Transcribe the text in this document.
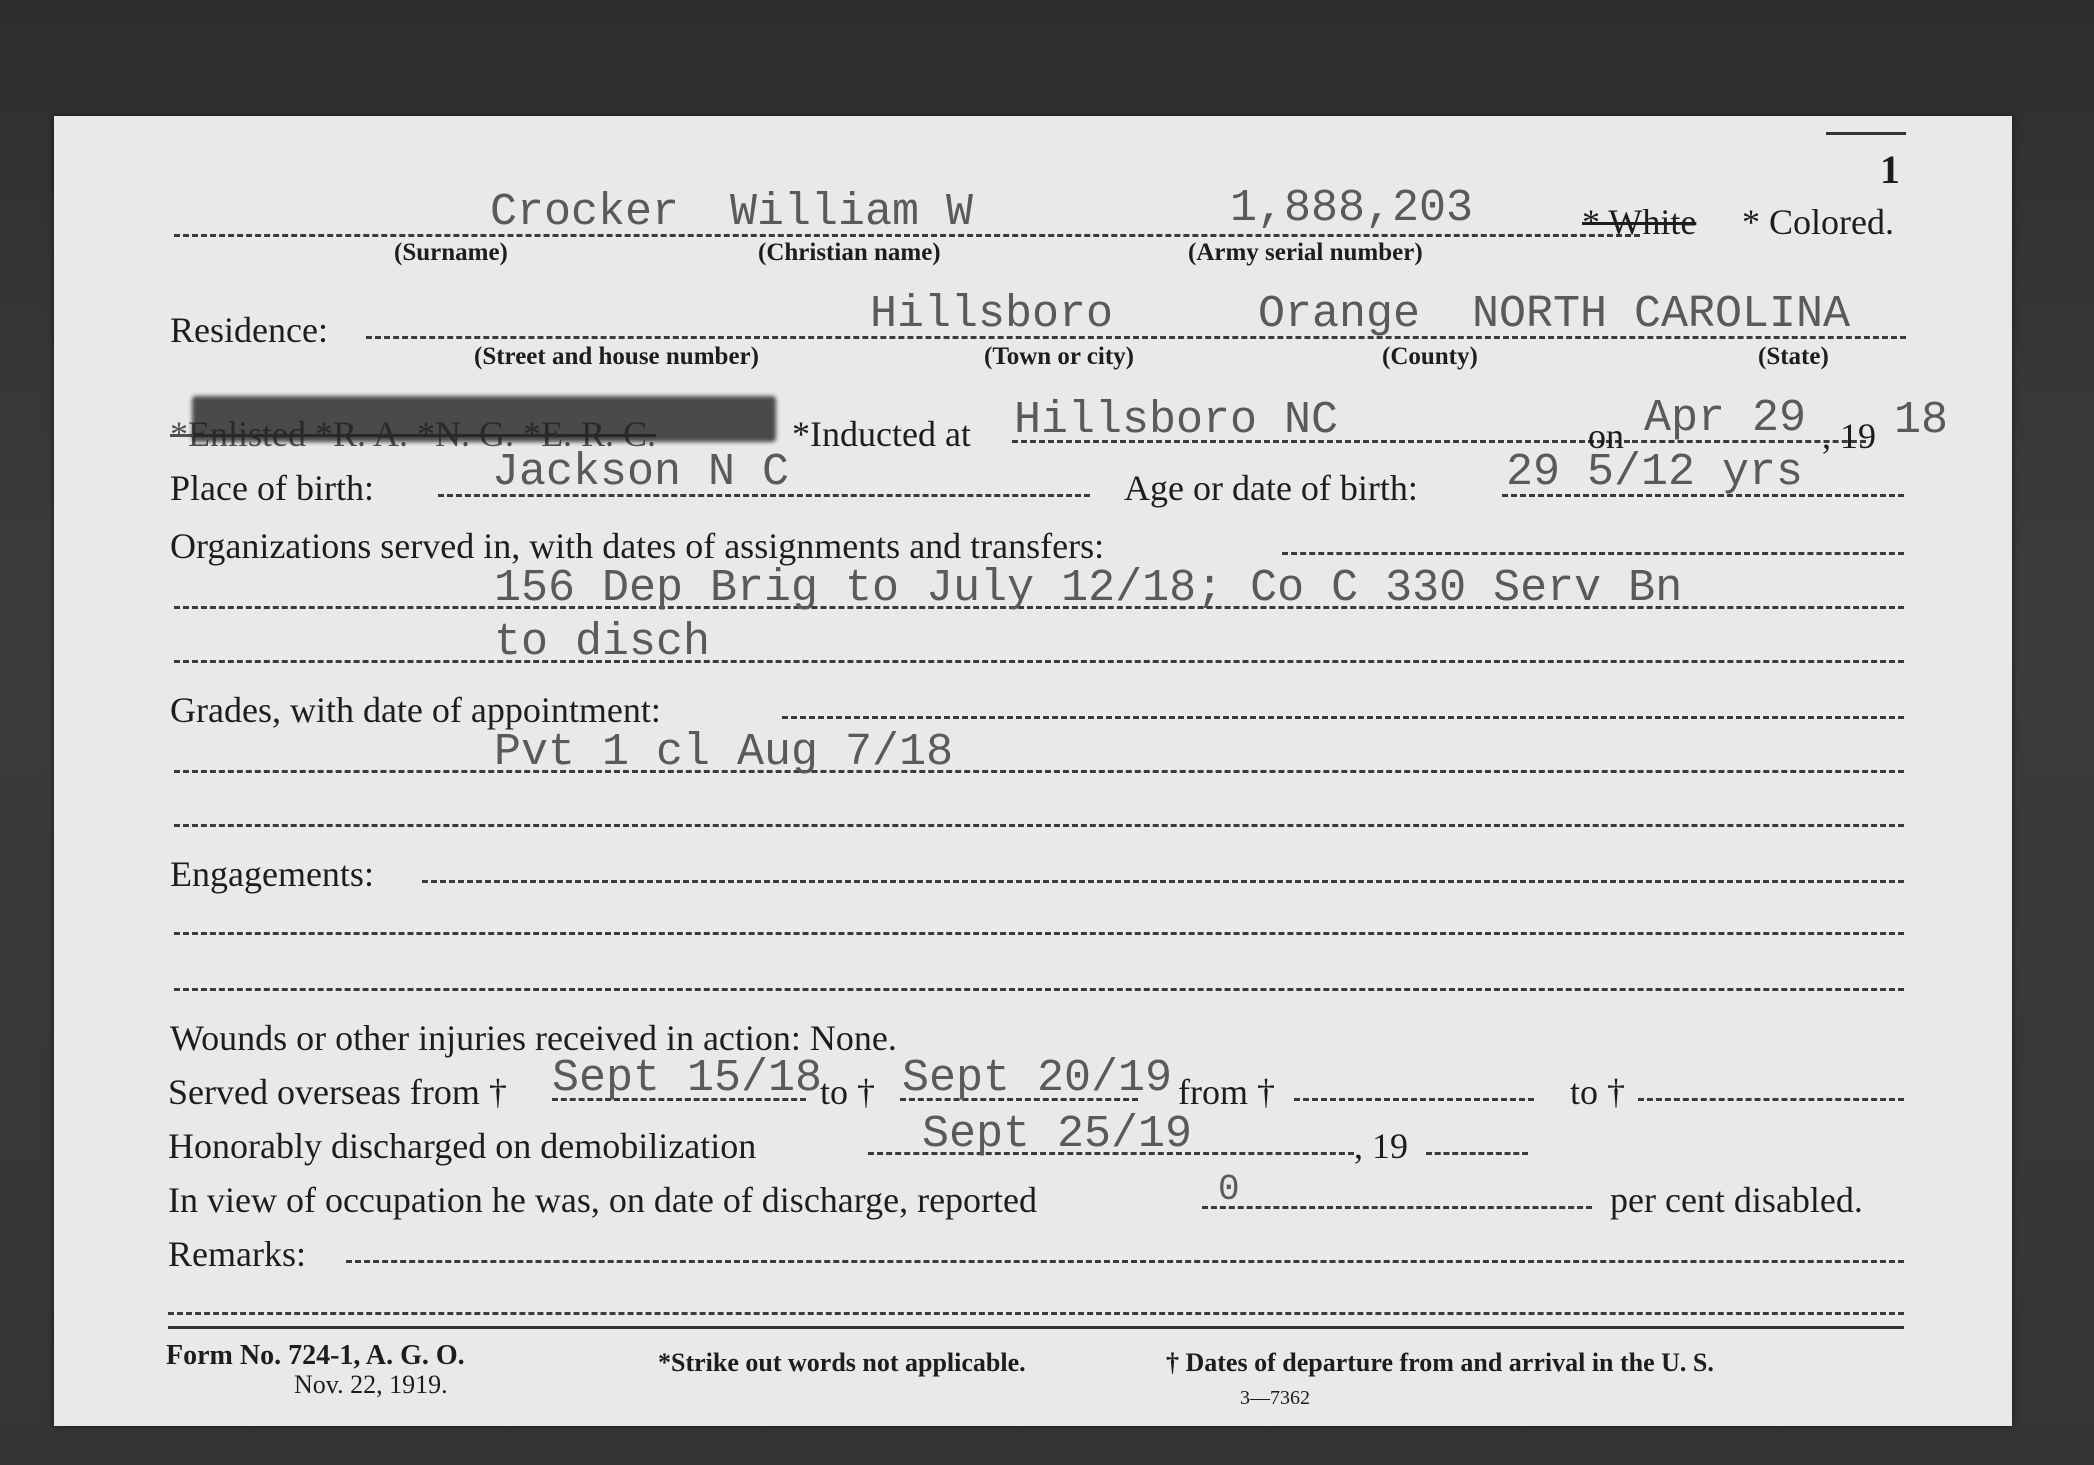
1
Crocker William W	1,888,203	* White * Colored.
(Surname)	(Christian name)	(Army serial number)
Residence:	Hillsboro	Orange NORTH CAROLINA
(Street and house number)	(Town or city)	(County)	(State)
*Enlisted *R. A. *N. G. *E. R. C.	*Inducted at Hillsboro NC	on Apr 29 , 19 18
Place of birth:	Jackson N C	Age or date of birth: 29 5/12 yrs
Organizations served in, with dates of assignments and transfers:
156 Dep Brig to July 12/18; Co C 330 Serv Bn
to disch
Grades, with date of appointment:
Pvt 1 cl Aug 7/18
Engagements:
Wounds or other injuries received in action: None.
Served overseas from † Sept 15/18
to † Sept 20/19 from †	to †
Honorably discharged on demobilization	Sept 25/19	, 19
In view of occupation he was, on date of discharge, reported	0	per cent disabled.
Remarks:
Form No. 724-1, A. G. O.
Nov. 22, 1919.
*Strike out words not applicable.	† Dates of departure from and arrival in the U. S.
3—7362
